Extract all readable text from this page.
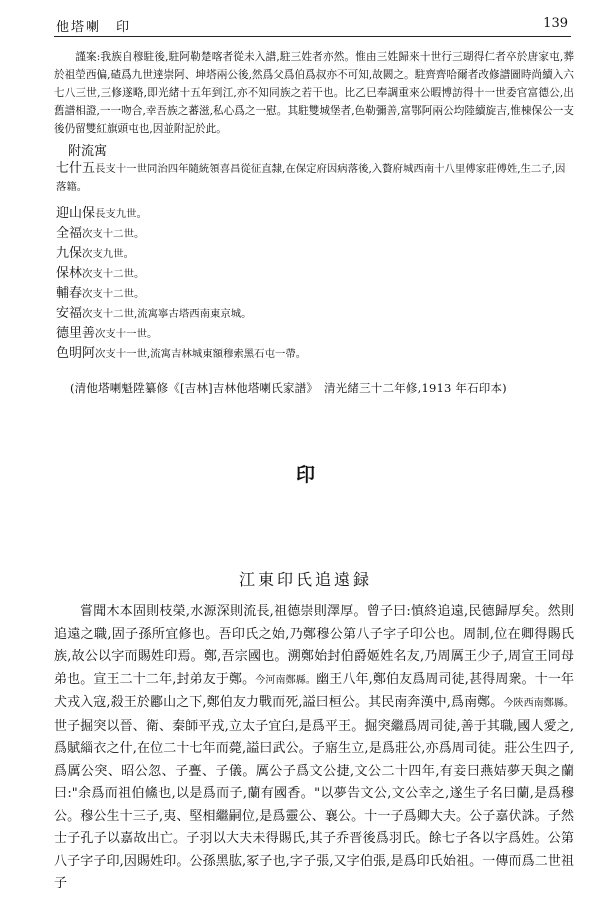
他塔喇　印	139
謹案:我族自穆駐後,駐阿勒楚喀者從未入譜,駐三姓者亦然。惟由三姓歸來十世行三瑚得仁者卒於唐家屯,葬於祖塋西偏,碴爲九世達崇阿、坤塔兩公後,然爲父爲伯爲叔亦不可知,故闕之。駐齊齊哈爾者改修譜圖時尚續入六七八三世,三修遂略,即光緒十五年到江,亦不知同族之若干也。比乙巳奉調重來公暇博訪得十一世委官富德公,出舊譜相證,一一吻合,幸吾族之蕃滋,私心爲之一慰。其駐雙城堡者,色勒彌善,富鄂阿兩公均陸續旋吉,惟棟保公一支後仍留雙紅旗頭屯也,因並附記於此。
附流寓
七什五長支十一世同治四年隨統領喜昌從征直隸,在保定府因病落後,入贅府城西南十八里傅家莊傅姓,生二子,因落籍。
迎山保長支九世。
全福次支十二世。
九保次支九世。
保林次支十二世。
輔春次支十二世。
安福次支十二世,流寓寧古塔西南東京城。
德里善次支十一世。
色明阿次支十一世,流寓吉林城東額穆索黑石屯一帶。
(清他塔喇魁陞纂修《[吉林]吉林他塔喇氏家譜》　清光緒三十二年修,1913 年石印本)
印
江東印氏追遠録
嘗聞木本固則枝榮,水源深則流長,祖德崇則澤厚。曾子曰:慎終追遠,民德歸厚矣。然則追遠之職,固子孫所宜修也。吾印氏之始,乃鄭穆公第八子字子印公也。周制,位在卿得賜氏族,故公以字而賜姓印焉。鄭,吾宗國也。溯鄭始封伯爵姬姓名友,乃周厲王少子,周宣王同母弟也。宣王二十二年,封弟友于鄭。今河南鄭縣。幽王八年,鄭伯友爲周司徒,甚得周衆。十一年犬戎入寇,殺王於酈山之下,鄭伯友力戰而死,謚曰桓公。其民南奔漢中,爲南鄭。今陝西南鄭縣。世子掘突以晉、衛、秦師平戎,立太子宜臼,是爲平王。掘突繼爲周司徒,善于其職,國人愛之,爲賦緇衣之什,在位二十七年而薨,謚曰武公。子寤生立,是爲莊公,亦爲周司徒。莊公生四子,爲厲公突、昭公忽、子亹、子儀。厲公子爲文公捷,文公二十四年,有妾曰燕姞夢天與之蘭曰:"余爲而祖伯鯈也,以是爲而子,蘭有國香。"以夢告文公,文公幸之,遂生子名曰蘭,是爲穆公。穆公生十三子,夷、堅相繼嗣位,是爲靈公、襄公。十一子爲卿大夫。公子嘉伏誅。子然士子孔子以嘉故出亡。子羽以大夫未得賜氏,其子乔晋後爲羽氏。餘七子各以字爲姓。公第八子字子印,因賜姓印。公孫黑肱,冢子也,字子張,又字伯張,是爲印氏始祖。一傳而爲二世祖子
